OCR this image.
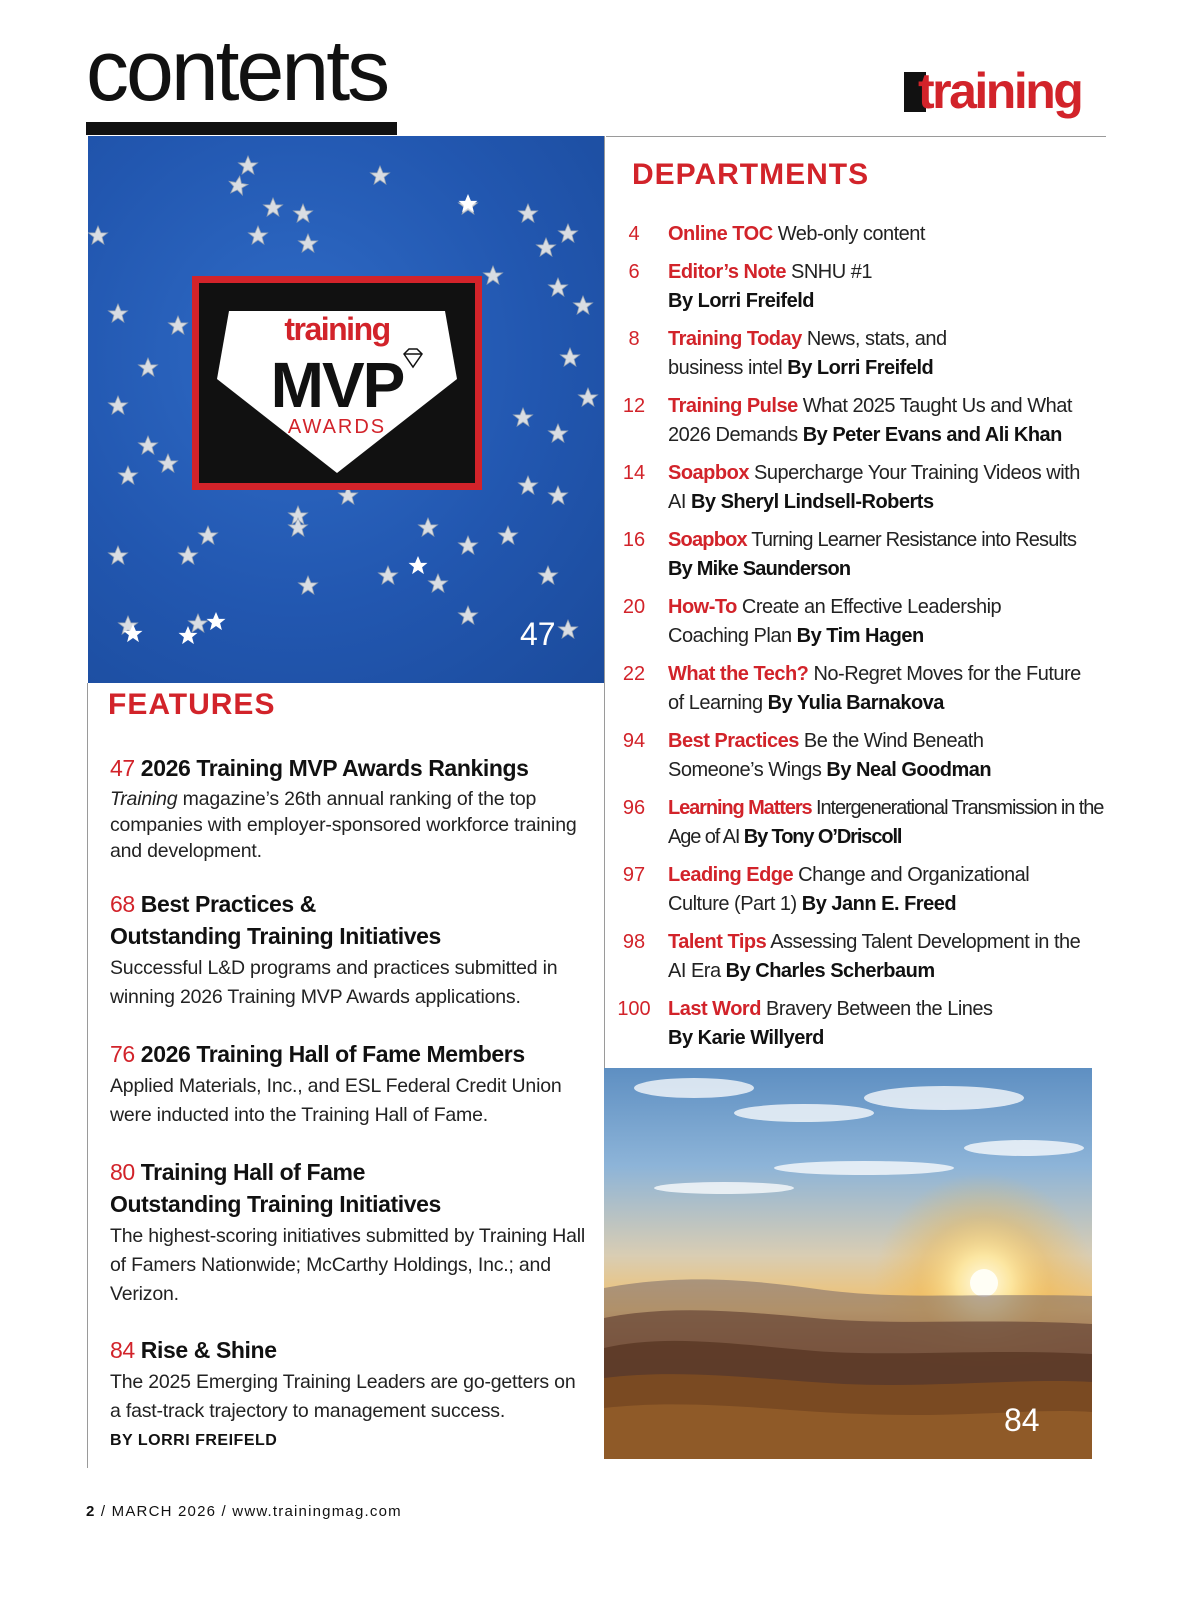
contents	training
training
MVP
AWARDS
47
FEATURES
47 2026 Training MVP Awards Rankings
Training magazine’s 26th annual ranking of the top companies with employer-sponsored workforce training and development.
68 Best Practices &
Outstanding Training Initiatives
Successful L&D programs and practices submitted in winning 2026 Training MVP Awards applications.
76 2026 Training Hall of Fame Members
Applied Materials, Inc., and ESL Federal Credit Union were inducted into the Training Hall of Fame.
80 Training Hall of Fame
Outstanding Training Initiatives
The highest-scoring initiatives submitted by Training Hall of Famers Nationwide; McCarthy Holdings, Inc.; and Verizon.
84 Rise & Shine
The 2025 Emerging Training Leaders are go-getters on a fast-track trajectory to management success.
BY LORRI FREIFELD
DEPARTMENTS
4	Online TOC Web-only content
6	Editor’s Note SNHU #1
By Lorri Freifeld
8	Training Today News, stats, and business intel By Lorri Freifeld
12	Training Pulse What 2025 Taught Us and What 2026 Demands By Peter Evans and Ali Khan
14	Soapbox Supercharge Your Training Videos with AI By Sheryl Lindsell-Roberts
16	Soapbox Turning Learner Resistance into Results
By Mike Saunderson
20	How-To Create an Effective Leadership Coaching Plan By Tim Hagen
22	What the Tech? No-Regret Moves for the Future of Learning By Yulia Barnakova
94	Best Practices Be the Wind Beneath Someone’s Wings By Neal Goodman
96	Learning Matters Intergenerational Transmission in the Age of AI By Tony O’Driscoll
97	Leading Edge Change and Organizational Culture (Part 1) By Jann E. Freed
98	Talent Tips Assessing Talent Development in the AI Era By Charles Scherbaum
100 Last Word Bravery Between the Lines
By Karie Willyerd
84
2 / MARCH 2026 / www.trainingmag.com
